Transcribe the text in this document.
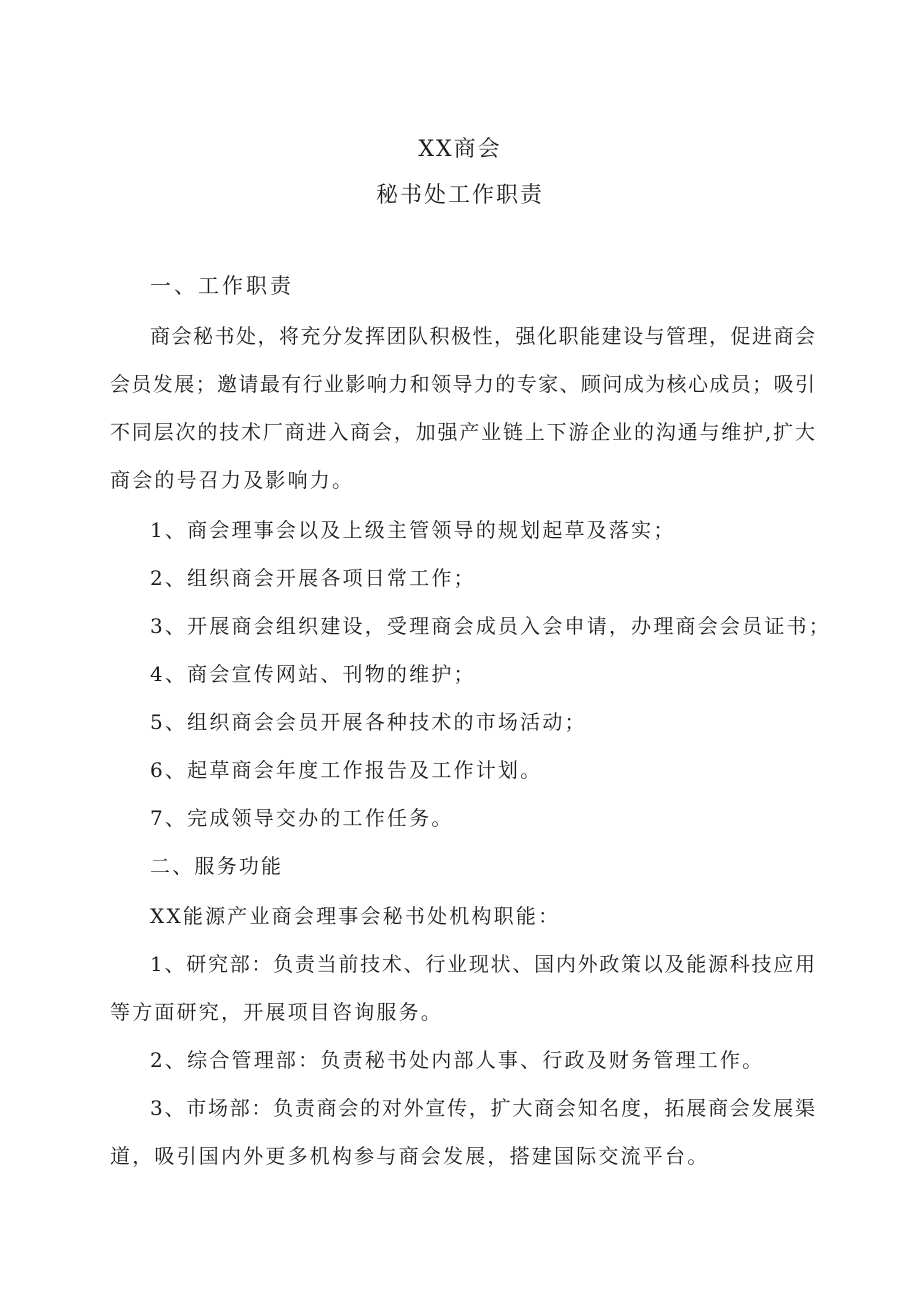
XX商会
秘书处工作职责
一、工作职责
商会秘书处，将充分发挥团队积极性，强化职能建设与管理，促进商会
会员发展；邀请最有行业影响力和领导力的专家、顾问成为核心成员；吸引
不同层次的技术厂商进入商会，加强产业链上下游企业的沟通与维护,扩大
商会的号召力及影响力。
1、商会理事会以及上级主管领导的规划起草及落实；
2、组织商会开展各项日常工作；
3、开展商会组织建设，受理商会成员入会申请，办理商会会员证书；
4、商会宣传网站、刊物的维护；
5、组织商会会员开展各种技术的市场活动；
6、起草商会年度工作报告及工作计划。
7、完成领导交办的工作任务。
二、服务功能
XX能源产业商会理事会秘书处机构职能：
1、研究部：负责当前技术、行业现状、国内外政策以及能源科技应用
等方面研究，开展项目咨询服务。
2、综合管理部：负责秘书处内部人事、行政及财务管理工作。
3、市场部：负责商会的对外宣传，扩大商会知名度，拓展商会发展渠
道，吸引国内外更多机构参与商会发展，搭建国际交流平台。
